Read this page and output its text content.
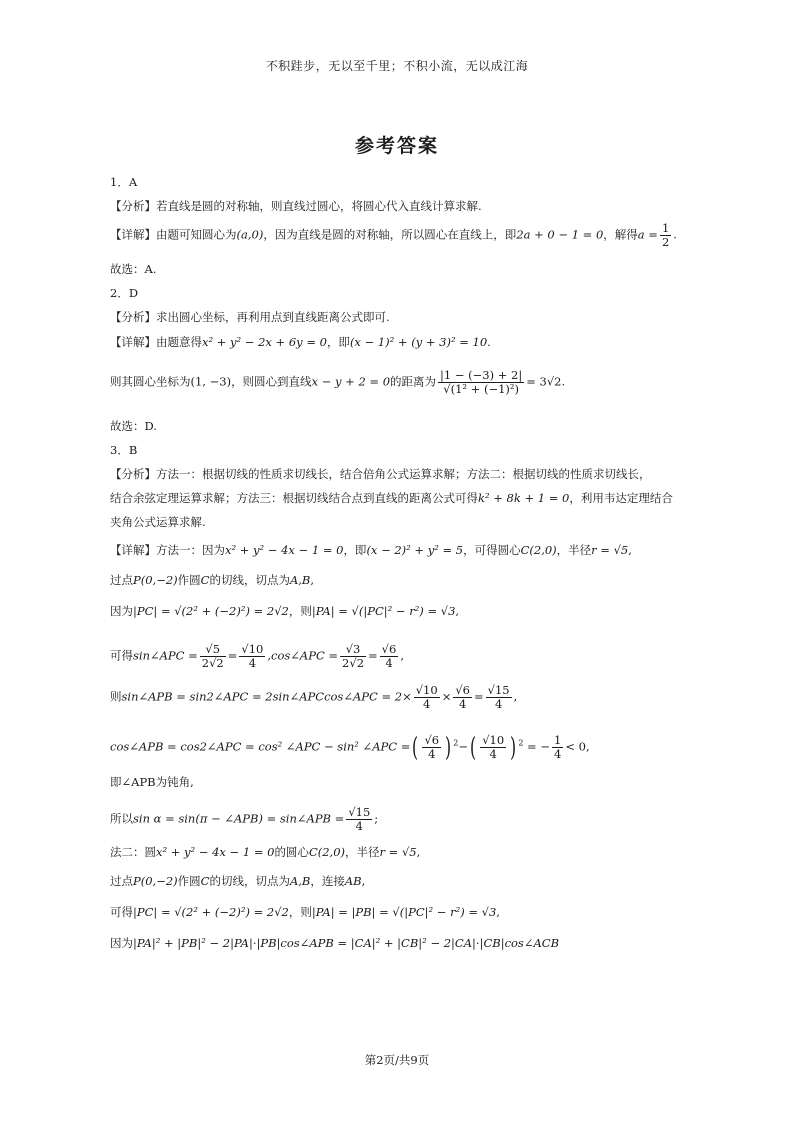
不积跬步，无以至千里；不积小流，无以成江海
参考答案
1．A
【分析】若直线是圆的对称轴，则直线过圆心，将圆心代入直线计算求解.
【详解】由题可知圆心为(a,0)，因为直线是圆的对称轴，所以圆心在直线上，即2a + 0 − 1 = 0，解得$a = \frac{1}{2}$ .
故选：A.
2．D
【分析】求出圆心坐标，再利用点到直线距离公式即可.
【详解】由题意得x² + y² − 2x + 6y = 0，即(x − 1)² + (y + 3)² = 10.
则其圆心坐标为(1, −3)，则圆心到直线x − y + 2 = 0的距离为 $\frac{|1 - (-3) + 2|}{\text{√(1² + (−1)²)}} = 3√2$.
故选：D.
3．B
【分析】方法一：根据切线的性质求切线长，结合倍角公式运算求解；方法二：根据切线的性质求切线长，
结合余弦定理运算求解；方法三：根据切线结合点到直线的距离公式可得k² + 8k + 1 = 0，利用韦达定理结合
夹角公式运算求解.
【详解】方法一：因为x² + y² − 4x − 1 = 0，即(x − 2)² + y² = 5，可得圆心C(2,0)，半径r = √5,
过点P(0,−2)作圆C的切线，切点为A,B,
因为|PC| = √(2² + (−2)²) = 2√2，则|PA| = √(|PC|² − r²) = √3,
可得sin∠APC = $\frac{√5}{2√2} = \frac{√10}{4}$ ,cos∠APC = $\frac{√3}{2√2} = \frac{√6}{4}$ ,
则sin∠APB = sin2∠APC = 2sin∠APCcos∠APC = $2\times \frac{√10}{4} \times \frac{√6}{4} = \frac{√15}{4}$ ,
cos∠APB = cos2∠APC = cos² ∠APC − sin² ∠APC =( $\frac{√6}{4}$ ) $^2-( \frac{√10}{4}$ ) $^2$ = − $\frac{1}{4} < 0$,
即∠APB为钝角,
所以sin α = sin(π − ∠APB) = sin∠APB = $\frac{√15}{4}$ ;
法二：圆x² + y² − 4x − 1 = 0的圆心C(2,0)，半径r = √5,
过点P(0,−2)作圆C的切线，切点为A,B，连接AB,
可得|PC| = √(2² + (−2)²) = 2√2，则|PA| = |PB| = √(|PC|² − r²) = √3,
因为|PA|² + |PB|² − 2|PA|·|PB|cos∠APB = |CA|² + |CB|² − 2|CA|·|CB|cos∠ACB
第2页/共9页
